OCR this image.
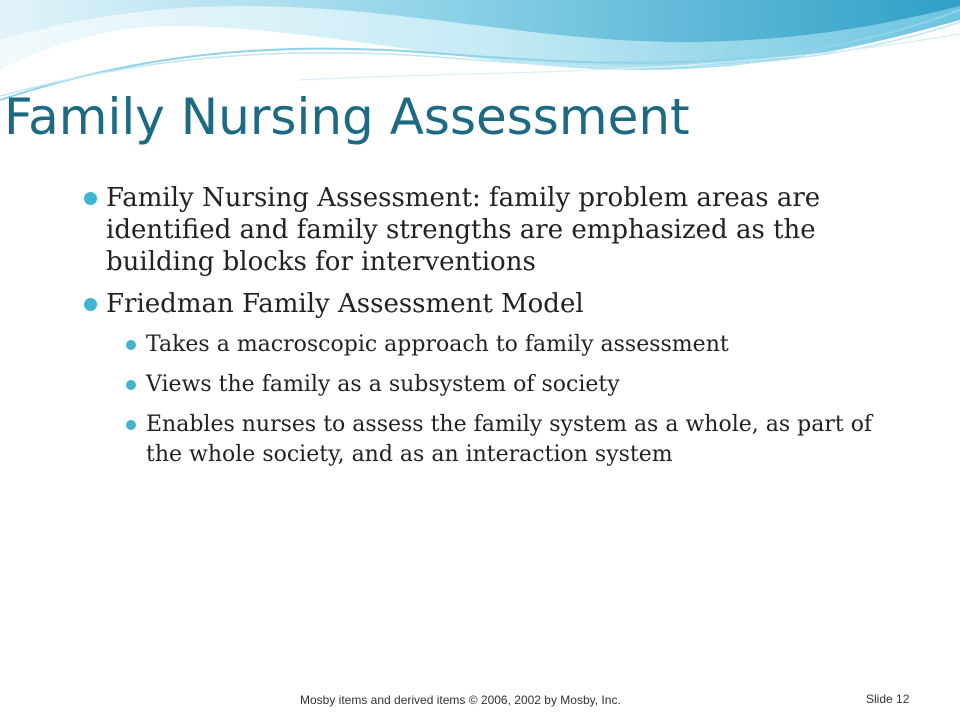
Family Nursing Assessment
Family Nursing Assessment: family problem areas are identified and family strengths are emphasized as the building blocks for interventions
Friedman Family Assessment Model
Takes a macroscopic approach to family assessment
Views the family as a subsystem of society
Enables nurses to assess the family system as a whole, as part of the whole society, and as an interaction system
Mosby items and derived items © 2006, 2002 by Mosby, Inc.	Slide 12
